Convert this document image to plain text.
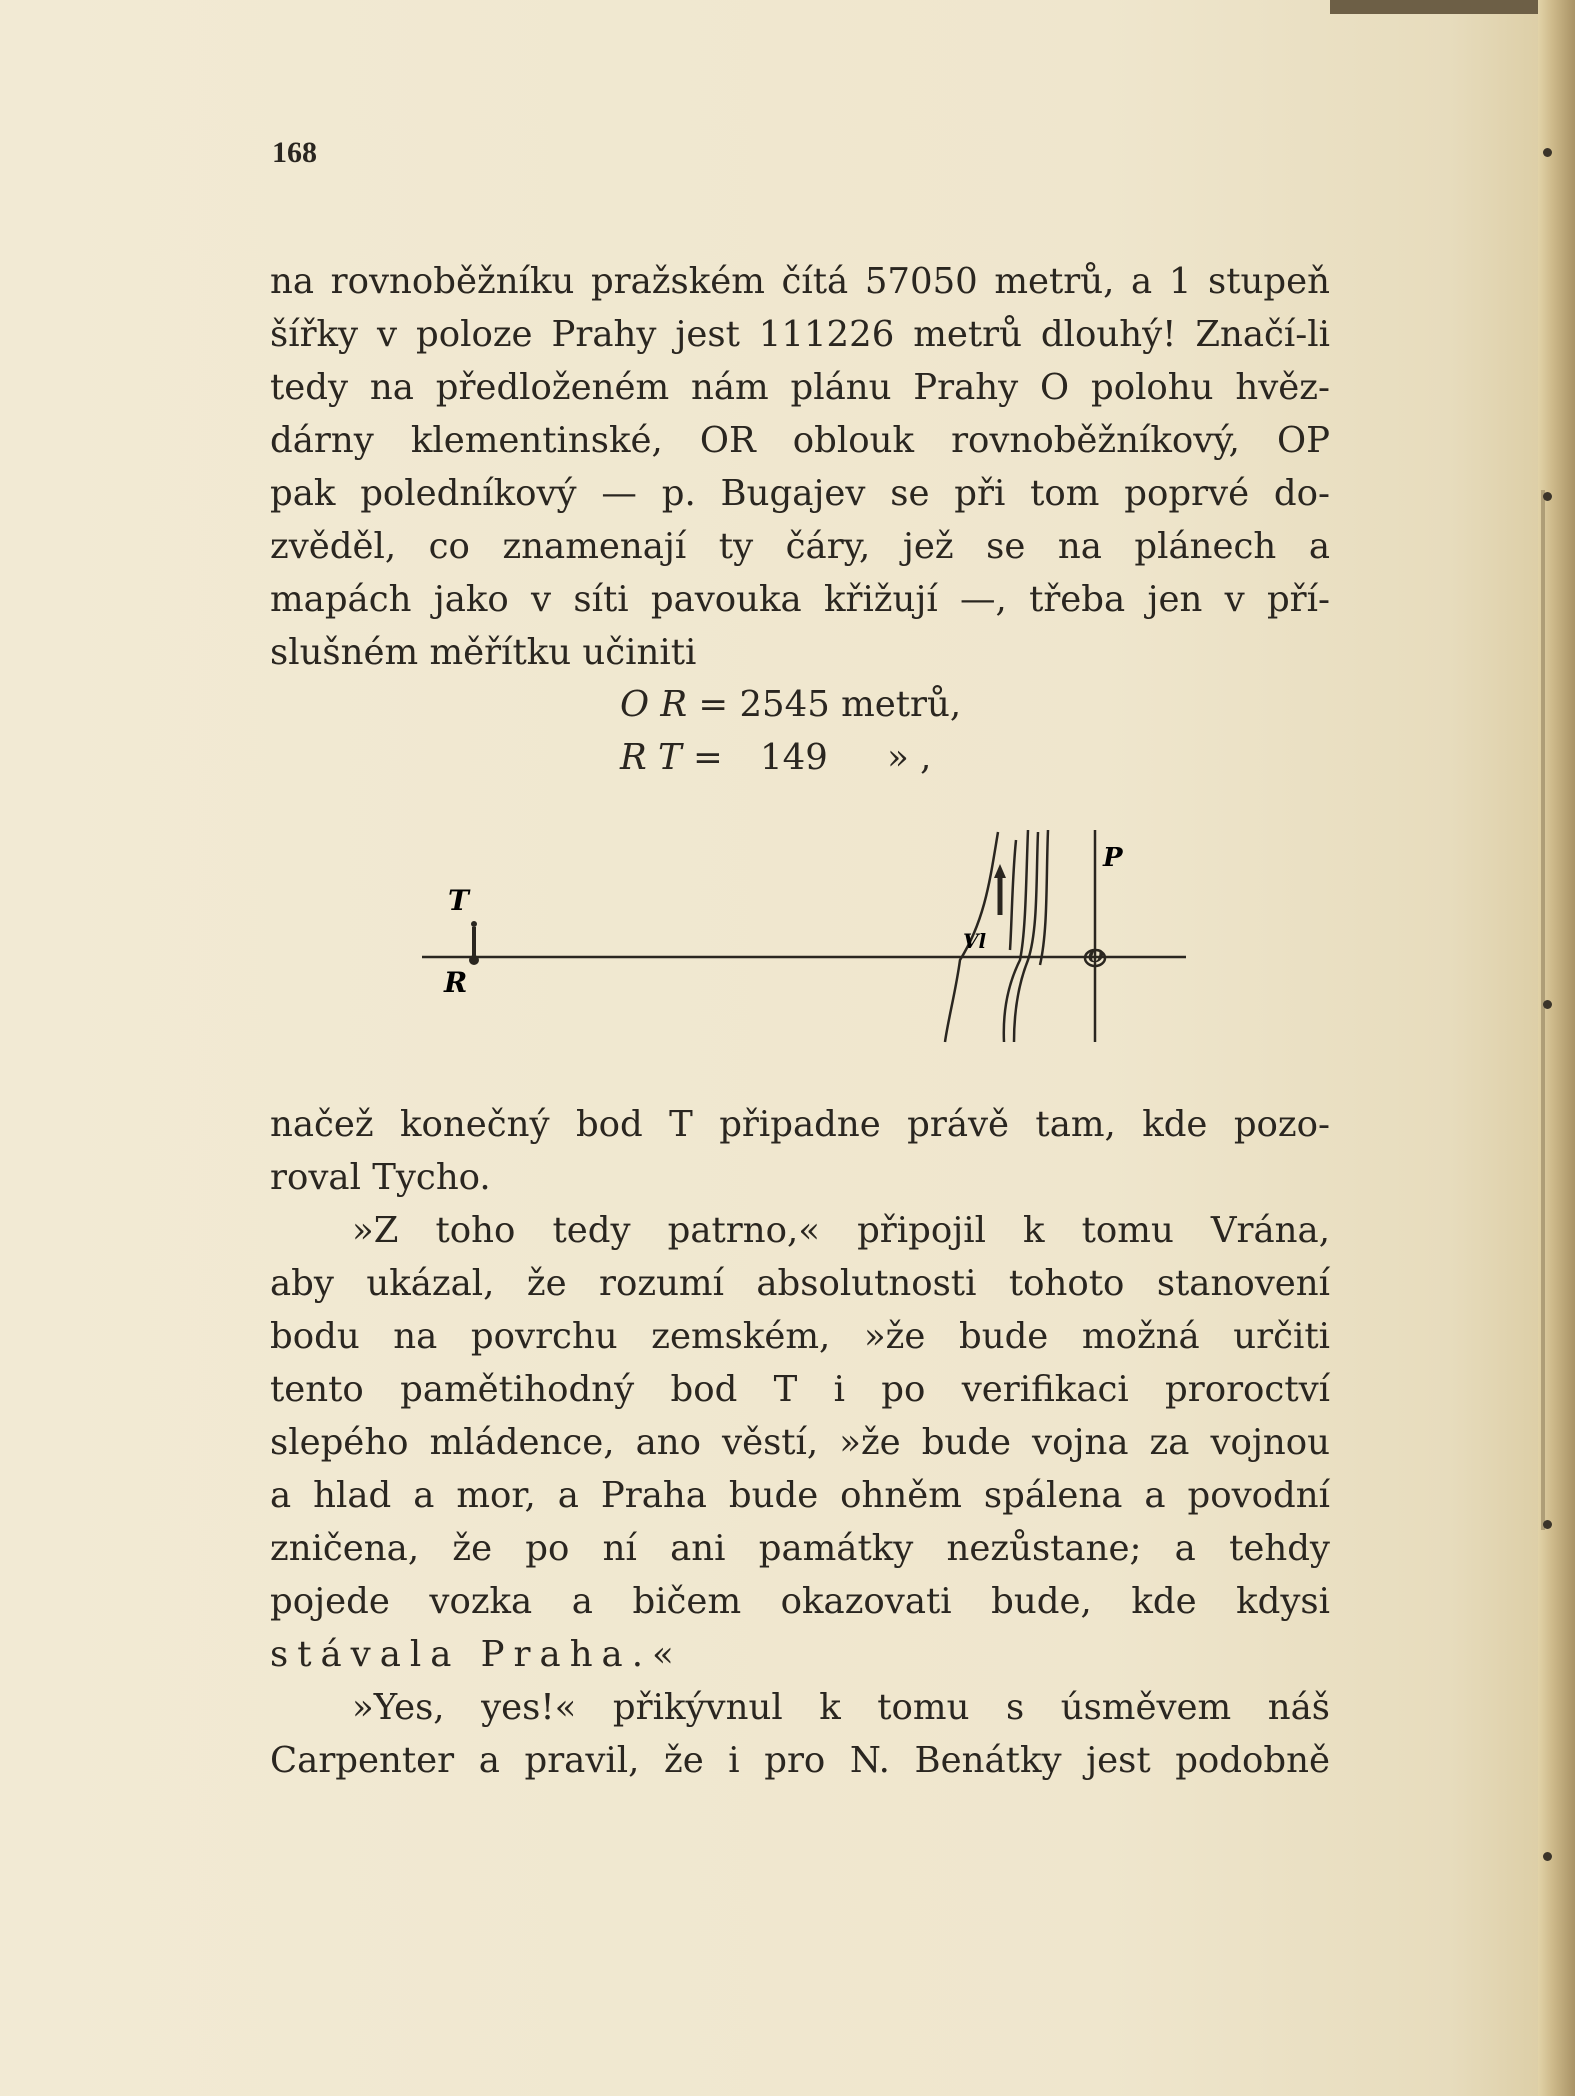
168
na rovnoběžníku pražském čítá 57050 metrů, a 1 stupeň
šířky v poloze Prahy jest 111226 metrů dlouhý! Značí-li
tedy na předloženém nám plánu Prahy O polohu hvěz-
dárny klementinské, OR oblouk rovnoběžníkový, OP
pak poledníkový — p. Bugajev se při tom poprvé do-
zvěděl, co znamenají ty čáry, jež se na plánech a
mapách jako v síti pavouka křižují —, třeba jen v pří-
slušném měřítku učiniti
O R = 2545 metrů,
R T = 149 » ,
T
R
P
O
Vl
načež konečný bod T připadne právě tam, kde pozo-
roval Tycho.
»Z toho tedy patrno,« připojil k tomu Vrána,
aby ukázal, že rozumí absolutnosti tohoto stanovení
bodu na povrchu zemském, »že bude možná určiti
tento pamětihodný bod T i po verifikaci proroctví
slepého mládence, ano věstí, »že bude vojna za vojnou
a hlad a mor, a Praha bude ohněm spálena a povodní
zničena, že po ní ani památky nezůstane; a tehdy
pojede vozka a bičem okazovati bude, kde kdysi
stávala Praha.«
»Yes, yes!« přikývnul k tomu s úsměvem náš
Carpenter a pravil, že i pro N. Benátky jest podobně
